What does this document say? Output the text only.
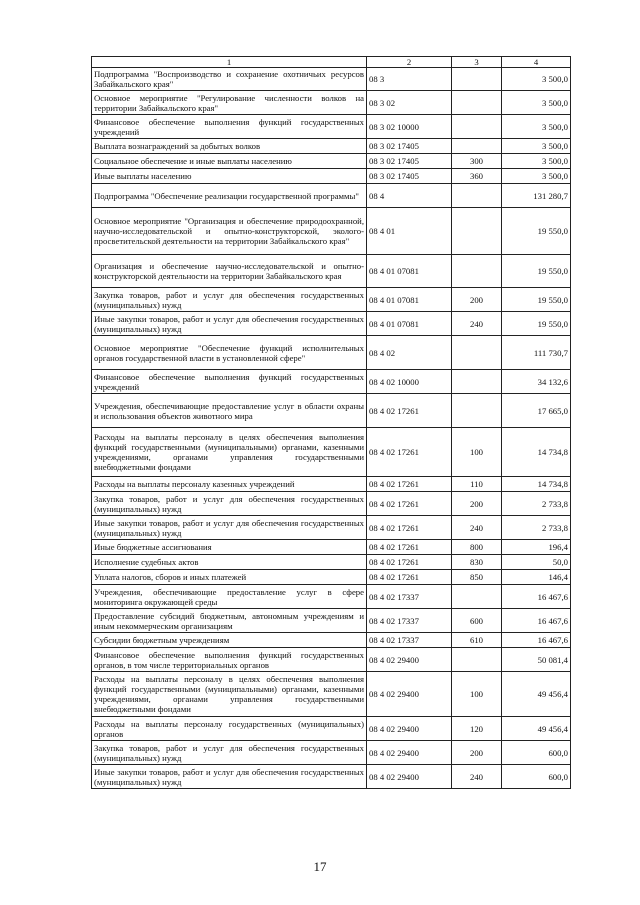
1	2	3	4
Подпрограмма "Воспроизводство и сохранение охотничьих ресурсов Забайкальского края"	08 3		3 500,0
Основное мероприятие "Регулирование численности волков на территории Забайкальского края"	08 3 02		3 500,0
Финансовое обеспечение выполнения функций государственных учреждений	08 3 02 10000		3 500,0
Выплата вознаграждений за добытых волков	08 3 02 17405		3 500,0
Социальное обеспечение и иные выплаты населению	08 3 02 17405	300	3 500,0
Иные выплаты населению	08 3 02 17405	360	3 500,0
Подпрограмма "Обеспечение реализации государственной программы"	08 4		131 280,7
Основное мероприятие "Организация и обеспечение природоохранной, научно-исследовательской и опытно-конструкторской, эколого-просветительской деятельности на территории Забайкальского края"	08 4 01		19 550,0
Организация и обеспечение научно-исследовательской и опытно-конструкторской деятельности на территории Забайкальского края	08 4 01 07081		19 550,0
Закупка товаров, работ и услуг для обеспечения государственных (муниципальных) нужд	08 4 01 07081	200	19 550,0
Иные закупки товаров, работ и услуг для обеспечения государственных (муниципальных) нужд	08 4 01 07081	240	19 550,0
Основное мероприятие "Обеспечение функций исполнительных органов государственной власти в установленной сфере"	08 4 02		111 730,7
Финансовое обеспечение выполнения функций государственных учреждений	08 4 02 10000		34 132,6
Учреждения, обеспечивающие предоставление услуг в области охраны и использования объектов животного мира	08 4 02 17261		17 665,0
Расходы на выплаты персоналу в целях обеспечения выполнения функций государственными (муниципальными) органами, казенными учреждениями, органами управления государственными внебюджетными фондами	08 4 02 17261	100	14 734,8
Расходы на выплаты персоналу казенных учреждений	08 4 02 17261	110	14 734,8
Закупка товаров, работ и услуг для обеспечения государственных (муниципальных) нужд	08 4 02 17261	200	2 733,8
Иные закупки товаров, работ и услуг для обеспечения государственных (муниципальных) нужд	08 4 02 17261	240	2 733,8
Иные бюджетные ассигнования	08 4 02 17261	800	196,4
Исполнение судебных актов	08 4 02 17261	830	50,0
Уплата налогов, сборов и иных платежей	08 4 02 17261	850	146,4
Учреждения, обеспечивающие предоставление услуг в сфере мониторинга окружающей среды	08 4 02 17337		16 467,6
Предоставление субсидий бюджетным, автономным учреждениям и иным некоммерческим организациям	08 4 02 17337	600	16 467,6
Субсидии бюджетным учреждениям	08 4 02 17337	610	16 467,6
Финансовое обеспечение выполнения функций государственных органов, в том числе территориальных органов	08 4 02 29400		50 081,4
Расходы на выплаты персоналу в целях обеспечения выполнения функций государственными (муниципальными) органами, казенными учреждениями, органами управления государственными внебюджетными фондами	08 4 02 29400	100	49 456,4
Расходы на выплаты персоналу государственных (муниципальных) органов	08 4 02 29400	120	49 456,4
Закупка товаров, работ и услуг для обеспечения государственных (муниципальных) нужд	08 4 02 29400	200	600,0
Иные закупки товаров, работ и услуг для обеспечения государственных (муниципальных) нужд	08 4 02 29400	240	600,0
17
